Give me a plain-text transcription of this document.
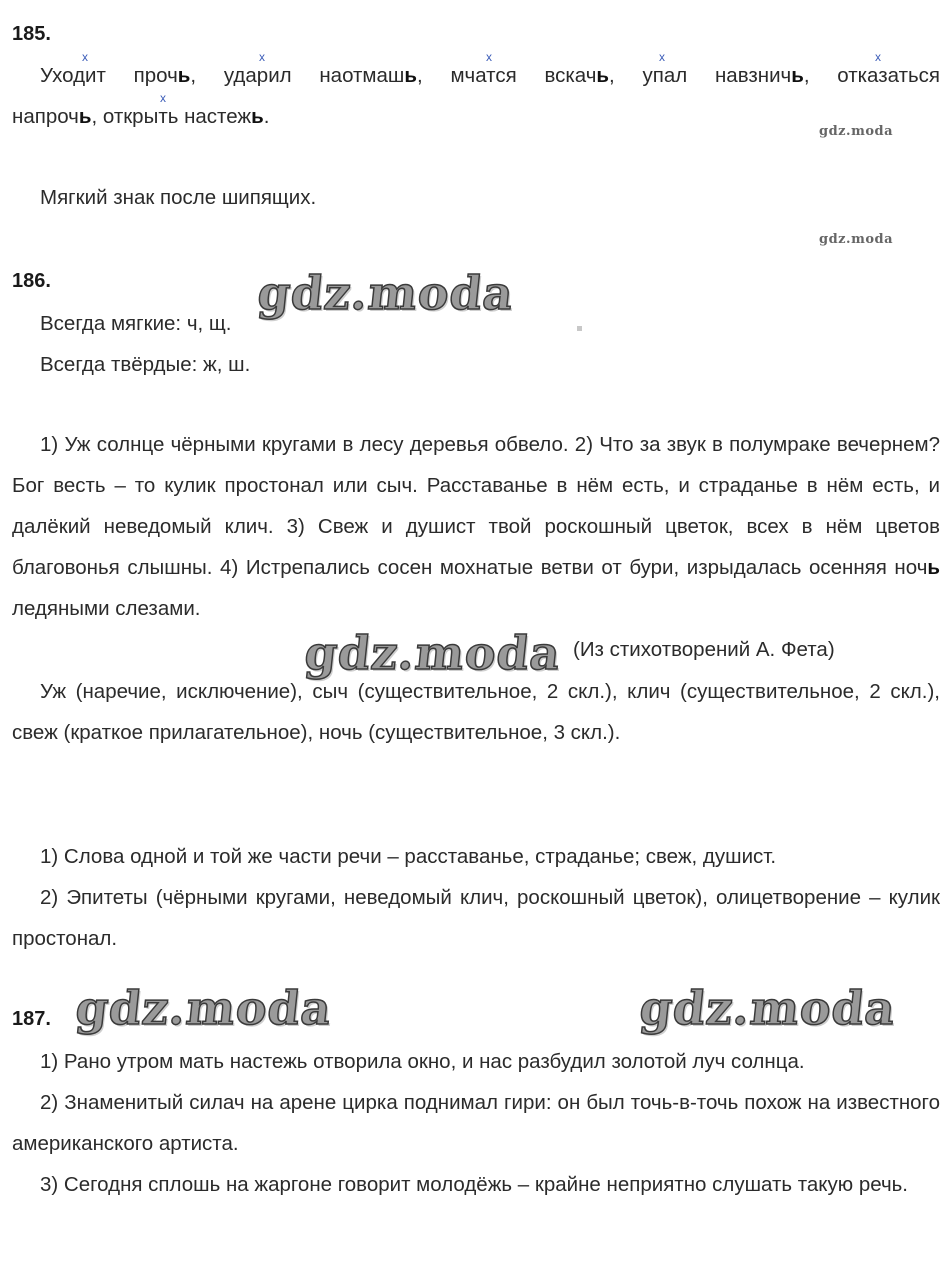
185.
x	x	x	x	x
x
Уходит прочь, ударил наотмашь, мчатся вскачь, упал навзничь, отказаться
напрочь, открыть настежь.
gdz.moda
Мягкий знак после шипящих.
gdz.moda
186.	gdz.moda
Всегда мягкие: ч, щ.
Всегда твёрдые: ж, ш.
1) Уж солнце чёрными кругами в лесу деревья обвело. 2) Что за звук в полумраке вечернем? Бог весть – то кулик простонал или сыч. Расставанье в нём есть, и страданье в нём есть, и далёкий неведомый клич. 3) Свеж и душист твой роскошный цветок, всех в нём цветов благовонья слышны. 4) Истрепались сосен мохнатые ветви от бури, изрыдалась осенняя ночь ледяными слезами.
gdz.moda (Из стихотворений А. Фета)
Уж (наречие, исключение), сыч (существительное, 2 скл.), клич (существительное, 2 скл.), свеж (краткое прилагательное), ночь (существительное, 3 скл.).
1) Слова одной и той же части речи – расставанье, страданье; свеж, душист.
2) Эпитеты (чёрными кругами, неведомый клич, роскошный цветок), олицетворение – кулик простонал.
187. gdz.moda	gdz.moda
1) Рано утром мать настежь отворила окно, и нас разбудил золотой луч солнца.
2) Знаменитый силач на арене цирка поднимал гири: он был точь-в-точь похож на известного американского артиста.
3) Сегодня сплошь на жаргоне говорит молодёжь – крайне неприятно слушать такую речь.
